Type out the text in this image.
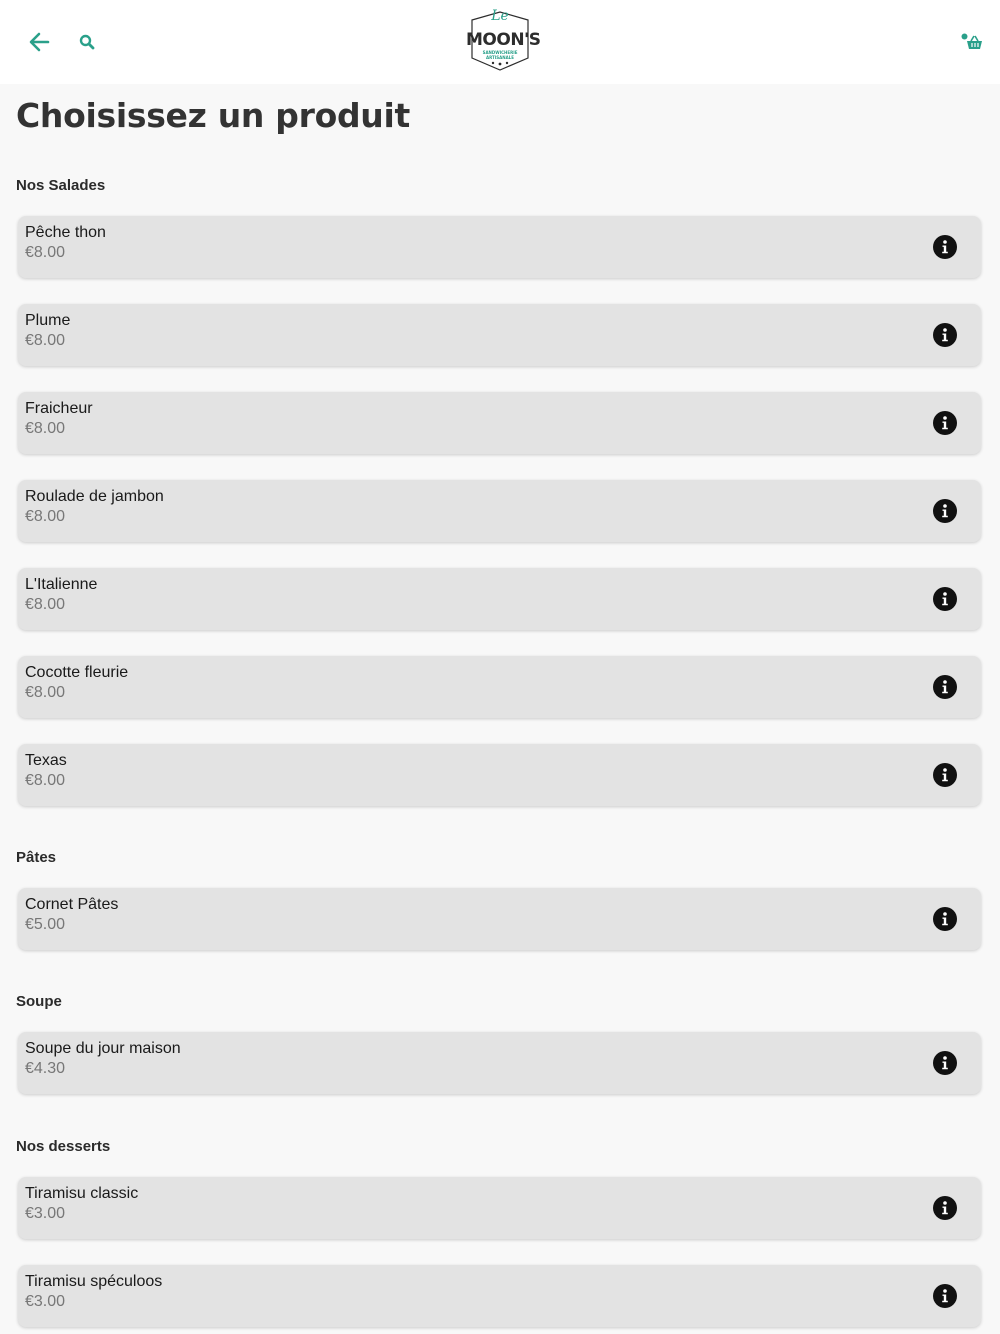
Le
MOON'S
SANDWICHERIE ARTISANALE
Choisissez un produit
Nos Salades
Pêche thon
€8.00
Plume
€8.00
Fraicheur
€8.00
Roulade de jambon
€8.00
L'Italienne
€8.00
Cocotte fleurie
€8.00
Texas
€8.00
Pâtes
Cornet Pâtes
€5.00
Soupe
Soupe du jour maison
€4.30
Nos desserts
Tiramisu classic
€3.00
Tiramisu spéculoos
€3.00
